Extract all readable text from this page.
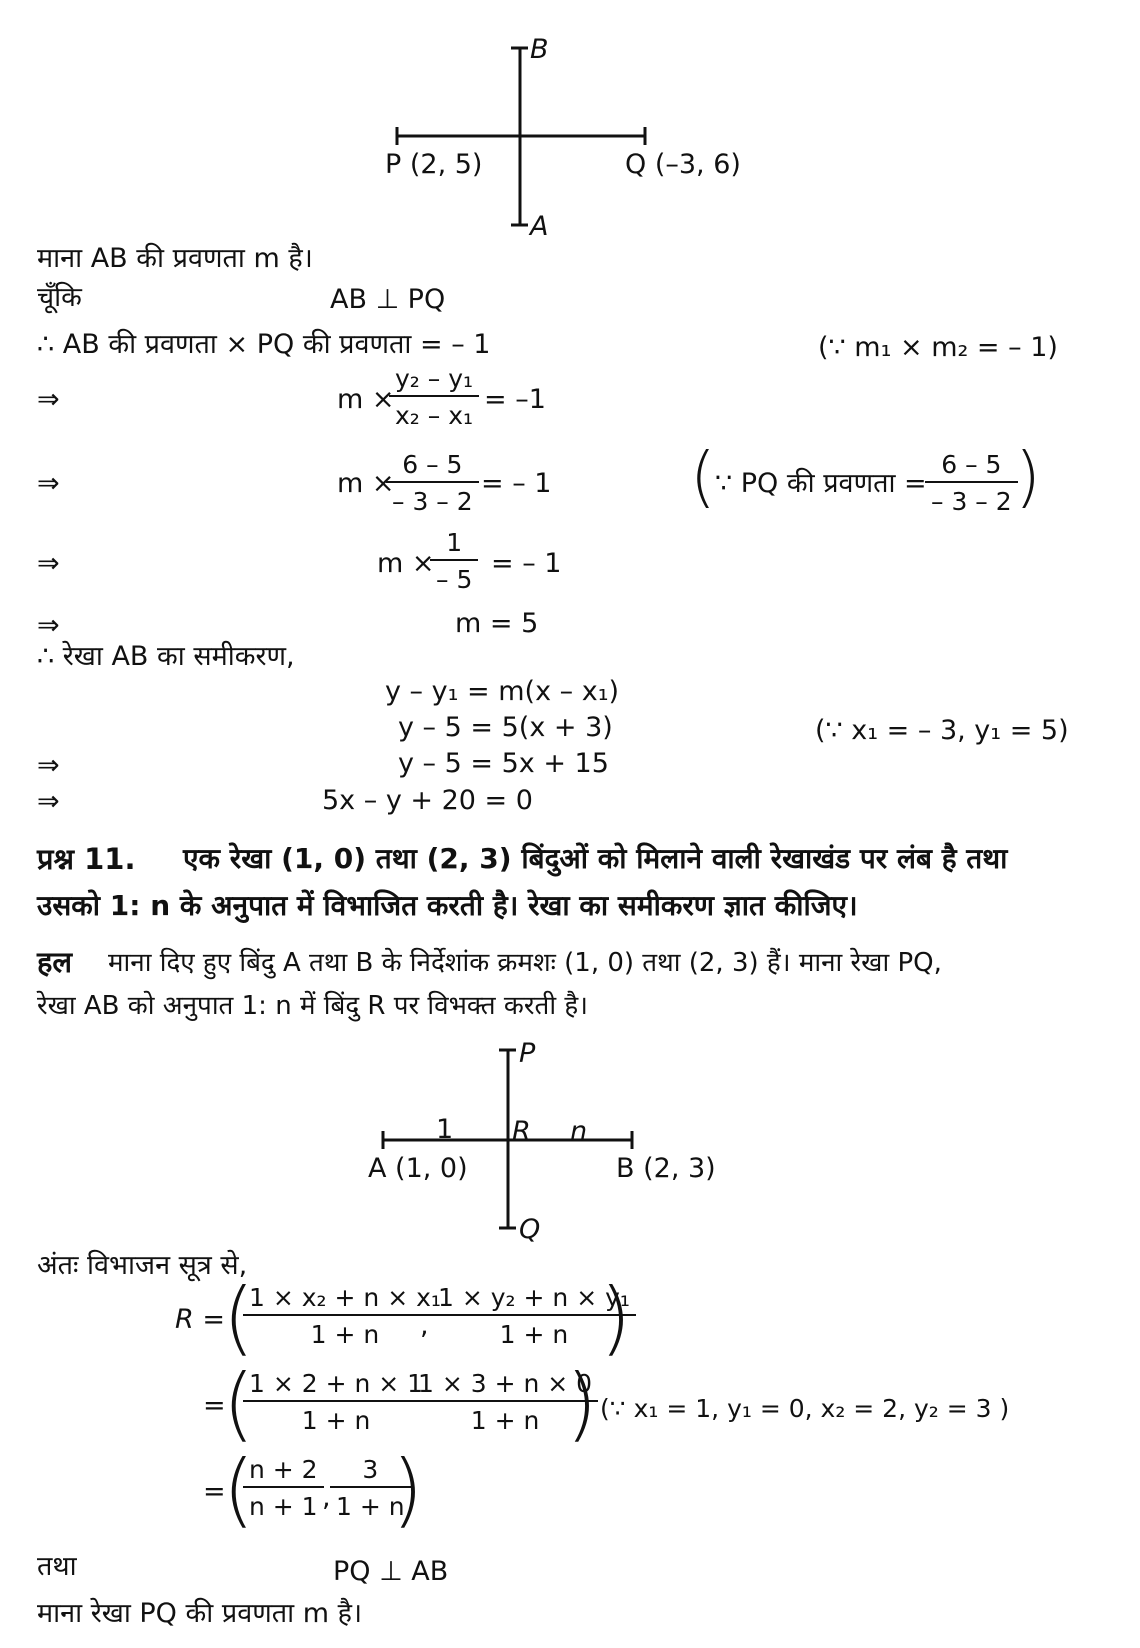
B
A
P (2, 5)	Q (–3, 6)
माना AB की प्रवणता m है।
चूँकि	AB ⊥ PQ
∴ AB की प्रवणता × PQ की प्रवणता = – 1	(∵ m₁ × m₂ = – 1)
⇒	m ×
$\frac{\text{y₂ – y₁}}{\text{x₂ – x₁}} = -1$
⇒	m ×
$\frac{6 - 5}{- 3 - 2}$ = – 1 ( ∵ PQ की प्रवणता =
$\frac{6 - 5}{- 3 - 2}$
)
⇒	m ×
$\frac{1}{- 5}$ = – 1
⇒	m = 5
∴ रेखा AB का समीकरण,
y – y₁ = m(x – x₁)
y – 5 = 5(x + 3)	(∵ x₁ = – 3, y₁ = 5)
⇒	y – 5 = 5x + 15
⇒	5x – y + 20 = 0
प्रश्न 11. एक रेखा (1, 0) तथा (2, 3) बिंदुओं को मिलाने वाली रेखाखंड पर लंब है तथा
उसको 1: n के अनुपात में विभाजित करती है। रेखा का समीकरण ज्ञात कीजिए।
हल माना दिए हुए बिंदु A तथा B के निर्देशांक क्रमशः (1, 0) तथा (2, 3) हैं। माना रेखा PQ,
रेखा AB को अनुपात 1: n में बिंदु R पर विभक्त करती है।
P
Q
R
1	n
A (1, 0)	B (2, 3)
अंतः विभाजन सूत्र से,
R =
(
$\frac{\text{1 × x₂ + n × x₁}}{1 + n}$
, $\frac{\text{1 × y₂ + n × y₁}}{1 + n}$
)
=
(
$\frac{1 \times 2 + n \times 1}{1 + n}$
$\frac{1 \times 3 + n \times 0}{1 + n}$
) (∵ x₁ = 1, y₁ = 0, x₂ = 2, y₂ = 3 )
=
(
$\frac{n + 2}{n + 1}$
, $\frac{3}{1 + n}$
)
तथा	PQ ⊥ AB
माना रेखा PQ की प्रवणता m है।
